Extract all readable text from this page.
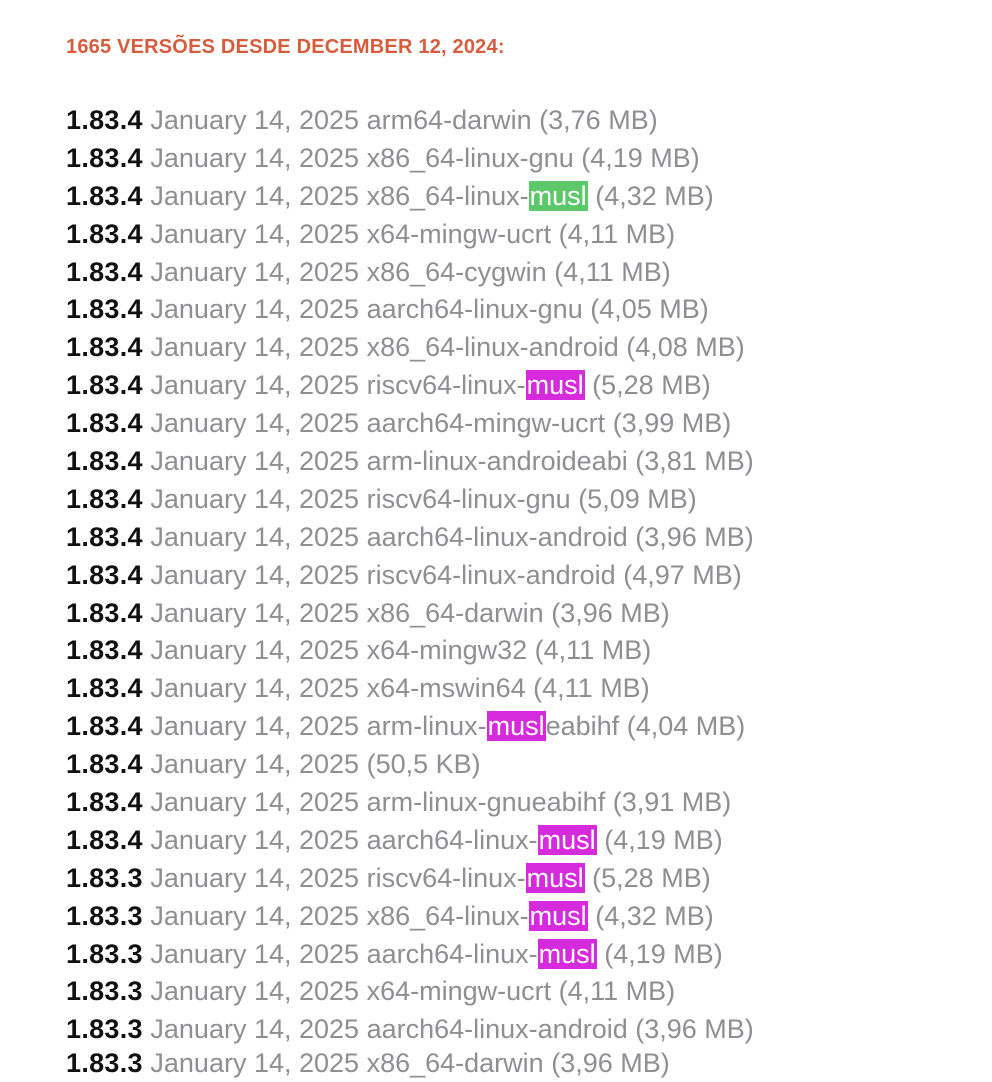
1665 VERSÕES DESDE DECEMBER 12, 2024:
1.83.4 January 14, 2025 arm64-darwin (3,76 MB)
1.83.4 January 14, 2025 x86_64-linux-gnu (4,19 MB)
1.83.4 January 14, 2025 x86_64-linux-musl (4,32 MB)
1.83.4 January 14, 2025 x64-mingw-ucrt (4,11 MB)
1.83.4 January 14, 2025 x86_64-cygwin (4,11 MB)
1.83.4 January 14, 2025 aarch64-linux-gnu (4,05 MB)
1.83.4 January 14, 2025 x86_64-linux-android (4,08 MB)
1.83.4 January 14, 2025 riscv64-linux-musl (5,28 MB)
1.83.4 January 14, 2025 aarch64-mingw-ucrt (3,99 MB)
1.83.4 January 14, 2025 arm-linux-androideabi (3,81 MB)
1.83.4 January 14, 2025 riscv64-linux-gnu (5,09 MB)
1.83.4 January 14, 2025 aarch64-linux-android (3,96 MB)
1.83.4 January 14, 2025 riscv64-linux-android (4,97 MB)
1.83.4 January 14, 2025 x86_64-darwin (3,96 MB)
1.83.4 January 14, 2025 x64-mingw32 (4,11 MB)
1.83.4 January 14, 2025 x64-mswin64 (4,11 MB)
1.83.4 January 14, 2025 arm-linux-musleabihf (4,04 MB)
1.83.4 January 14, 2025 (50,5 KB)
1.83.4 January 14, 2025 arm-linux-gnueabihf (3,91 MB)
1.83.4 January 14, 2025 aarch64-linux-musl (4,19 MB)
1.83.3 January 14, 2025 riscv64-linux-musl (5,28 MB)
1.83.3 January 14, 2025 x86_64-linux-musl (4,32 MB)
1.83.3 January 14, 2025 aarch64-linux-musl (4,19 MB)
1.83.3 January 14, 2025 x64-mingw-ucrt (4,11 MB)
1.83.3 January 14, 2025 aarch64-linux-android (3,96 MB)
1.83.3 January 14, 2025 x86_64-darwin (3,96 MB)
